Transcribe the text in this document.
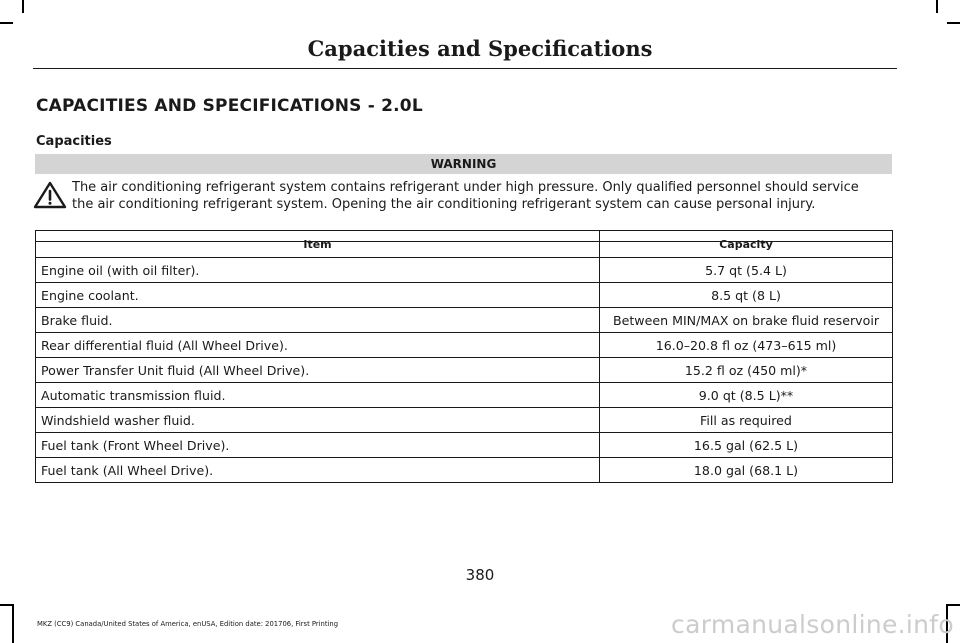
Capacities and Specifications
CAPACITIES AND SPECIFICATIONS - 2.0L
Capacities
WARNING
The air conditioning refrigerant system contains refrigerant under high pressure. Only qualified personnel should service the air conditioning refrigerant system. Opening the air conditioning refrigerant system can cause personal injury.
Item	Capacity
Engine oil (with oil filter).	5.7 qt (5.4 L)
Engine coolant.	8.5 qt (8 L)
Brake fluid.	Between MIN/MAX on brake fluid reservoir
Rear differential fluid (All Wheel Drive).	16.0–20.8 fl oz (473–615 ml)
Power Transfer Unit fluid (All Wheel Drive).	15.2 fl oz (450 ml)*
Automatic transmission fluid.	9.0 qt (8.5 L)**
Windshield washer fluid.	Fill as required
Fuel tank (Front Wheel Drive).	16.5 gal (62.5 L)
Fuel tank (All Wheel Drive).	18.0 gal (68.1 L)
380
MKZ (CC9) Canada/United States of America, enUSA, Edition date: 201706, First Printing	carmanualsonline.info
